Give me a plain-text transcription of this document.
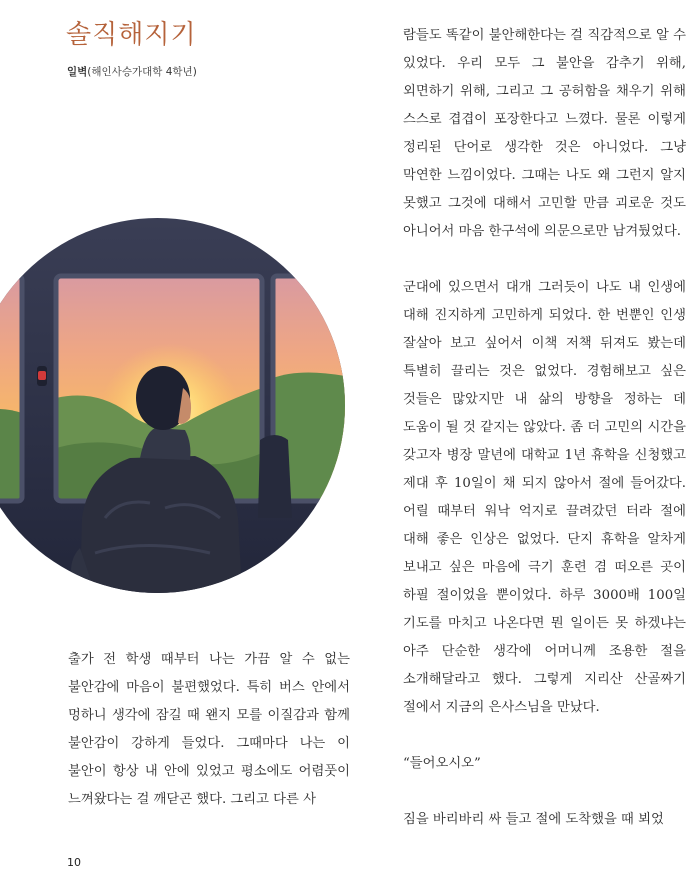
솔직해지기
일벽(해인사승가대학 4학년)

출가 전 학생 때부터 나는 가끔 알 수 없는 불안감에 마음이 불편했었다. 특히 버스 안에서 멍하니 생각에 잠길 때 왠지 모를 이질감과 함께 불안감이 강하게 들었다. 그때마다 나는 이 불안이 항상 내 안에 있었고 평소에도 어렴풋이 느껴왔다는 걸 깨닫곤 했다. 그리고 다른 사

람들도 똑같이 불안해한다는 걸 직감적으로 알 수 있었다. 우리 모두 그 불안을 감추기 위해, 외면하기 위해, 그리고 그 공허함을 채우기 위해 스스로 겹겹이 포장한다고 느꼈다. 물론 이렇게 정리된 단어로 생각한 것은 아니었다. 그냥 막연한 느낌이었다. 그때는 나도 왜 그런지 알지 못했고 그것에 대해서 고민할 만큼 괴로운 것도 아니어서 마음 한구석에 의문으로만 남겨뒀었다.

군대에 있으면서 대개 그러듯이 나도 내 인생에 대해 진지하게 고민하게 되었다. 한 번뿐인 인생 잘살아 보고 싶어서 이책 저책 뒤져도 봤는데 특별히 끌리는 것은 없었다. 경험해보고 싶은 것들은 많았지만 내 삶의 방향을 정하는 데 도움이 될 것 같지는 않았다. 좀 더 고민의 시간을 갖고자 병장 말년에 대학교 1년 휴학을 신청했고 제대 후 10일이 채 되지 않아서 절에 들어갔다. 어릴 때부터 워낙 억지로 끌려갔던 터라 절에 대해 좋은 인상은 없었다. 단지 휴학을 알차게 보내고 싶은 마음에 극기 훈련 겸 떠오른 곳이 하필 절이었을 뿐이었다. 하루 3000배 100일 기도를 마치고 나온다면 뭔 일이든 못 하겠냐는 아주 단순한 생각에 어머니께 조용한 절을 소개해달라고 했다. 그렇게 지리산 산골짜기 절에서 지금의 은사스님을 만났다.

“들어오시오”

짐을 바리바리 싸 들고 절에 도착했을 때 뵈었

10
